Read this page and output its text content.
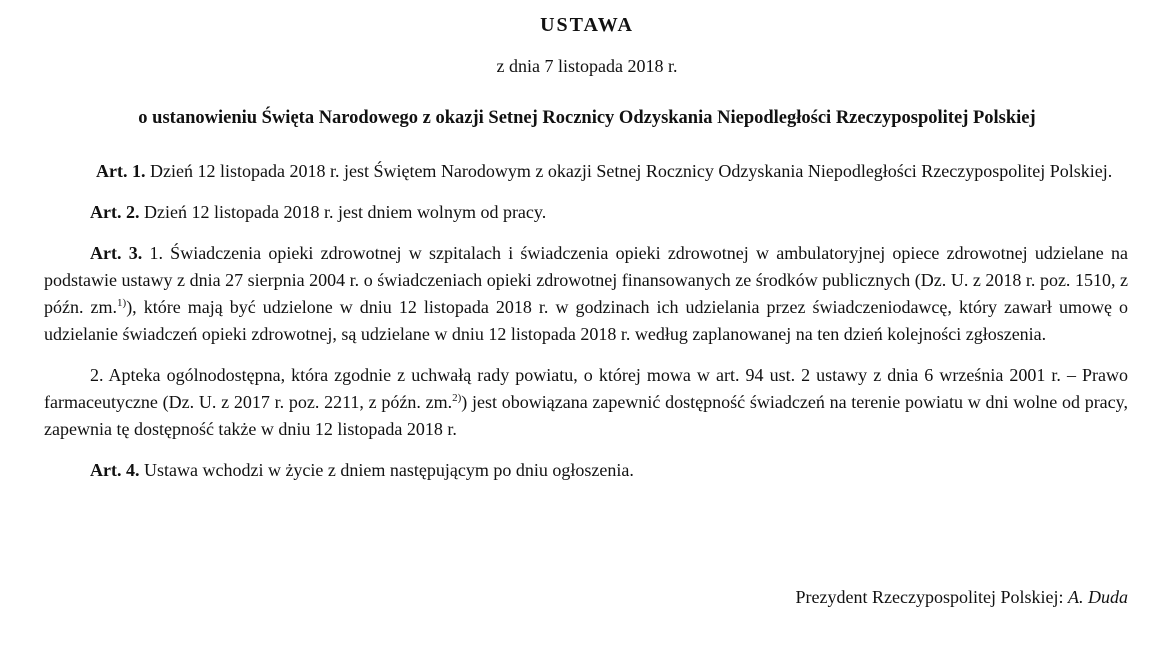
USTAWA

z dnia 7 listopada 2018 r.

o ustanowieniu Święta Narodowego z okazji Setnej Rocznicy Odzyskania Niepodległości Rzeczypospolitej Polskiej

Art. 1. Dzień 12 listopada 2018 r. jest Świętem Narodowym z okazji Setnej Rocznicy Odzyskania Niepodległości Rzeczypospolitej Polskiej.

Art. 2. Dzień 12 listopada 2018 r. jest dniem wolnym od pracy.

Art. 3. 1. Świadczenia opieki zdrowotnej w szpitalach i świadczenia opieki zdrowotnej w ambulatoryjnej opiece zdrowotnej udzielane na podstawie ustawy z dnia 27 sierpnia 2004 r. o świadczeniach opieki zdrowotnej finansowanych ze środków publicznych (Dz. U. z 2018 r. poz. 1510, z późn. zm.$^{1)}$), które mają być udzielone w dniu 12 listopada 2018 r. w godzinach ich udzielania przez świadczeniodawcę, który zawarł umowę o udzielanie świadczeń opieki zdrowotnej, są udzielane w dniu 12 listopada 2018 r. według zaplanowanej na ten dzień kolejności zgłoszenia.

2. Apteka ogólnodostępna, która zgodnie z uchwałą rady powiatu, o której mowa w art. 94 ust. 2 ustawy z dnia 6 września 2001 r. – Prawo farmaceutyczne (Dz. U. z 2017 r. poz. 2211, z późn. zm.$^{2)}$) jest obowiązana zapewnić dostępność świadczeń na terenie powiatu w dni wolne od pracy, zapewnia tę dostępność także w dniu 12 listopada 2018 r.

Art. 4. Ustawa wchodzi w życie z dniem następującym po dniu ogłoszenia.

Prezydent Rzeczypospolitej Polskiej: A. Duda
